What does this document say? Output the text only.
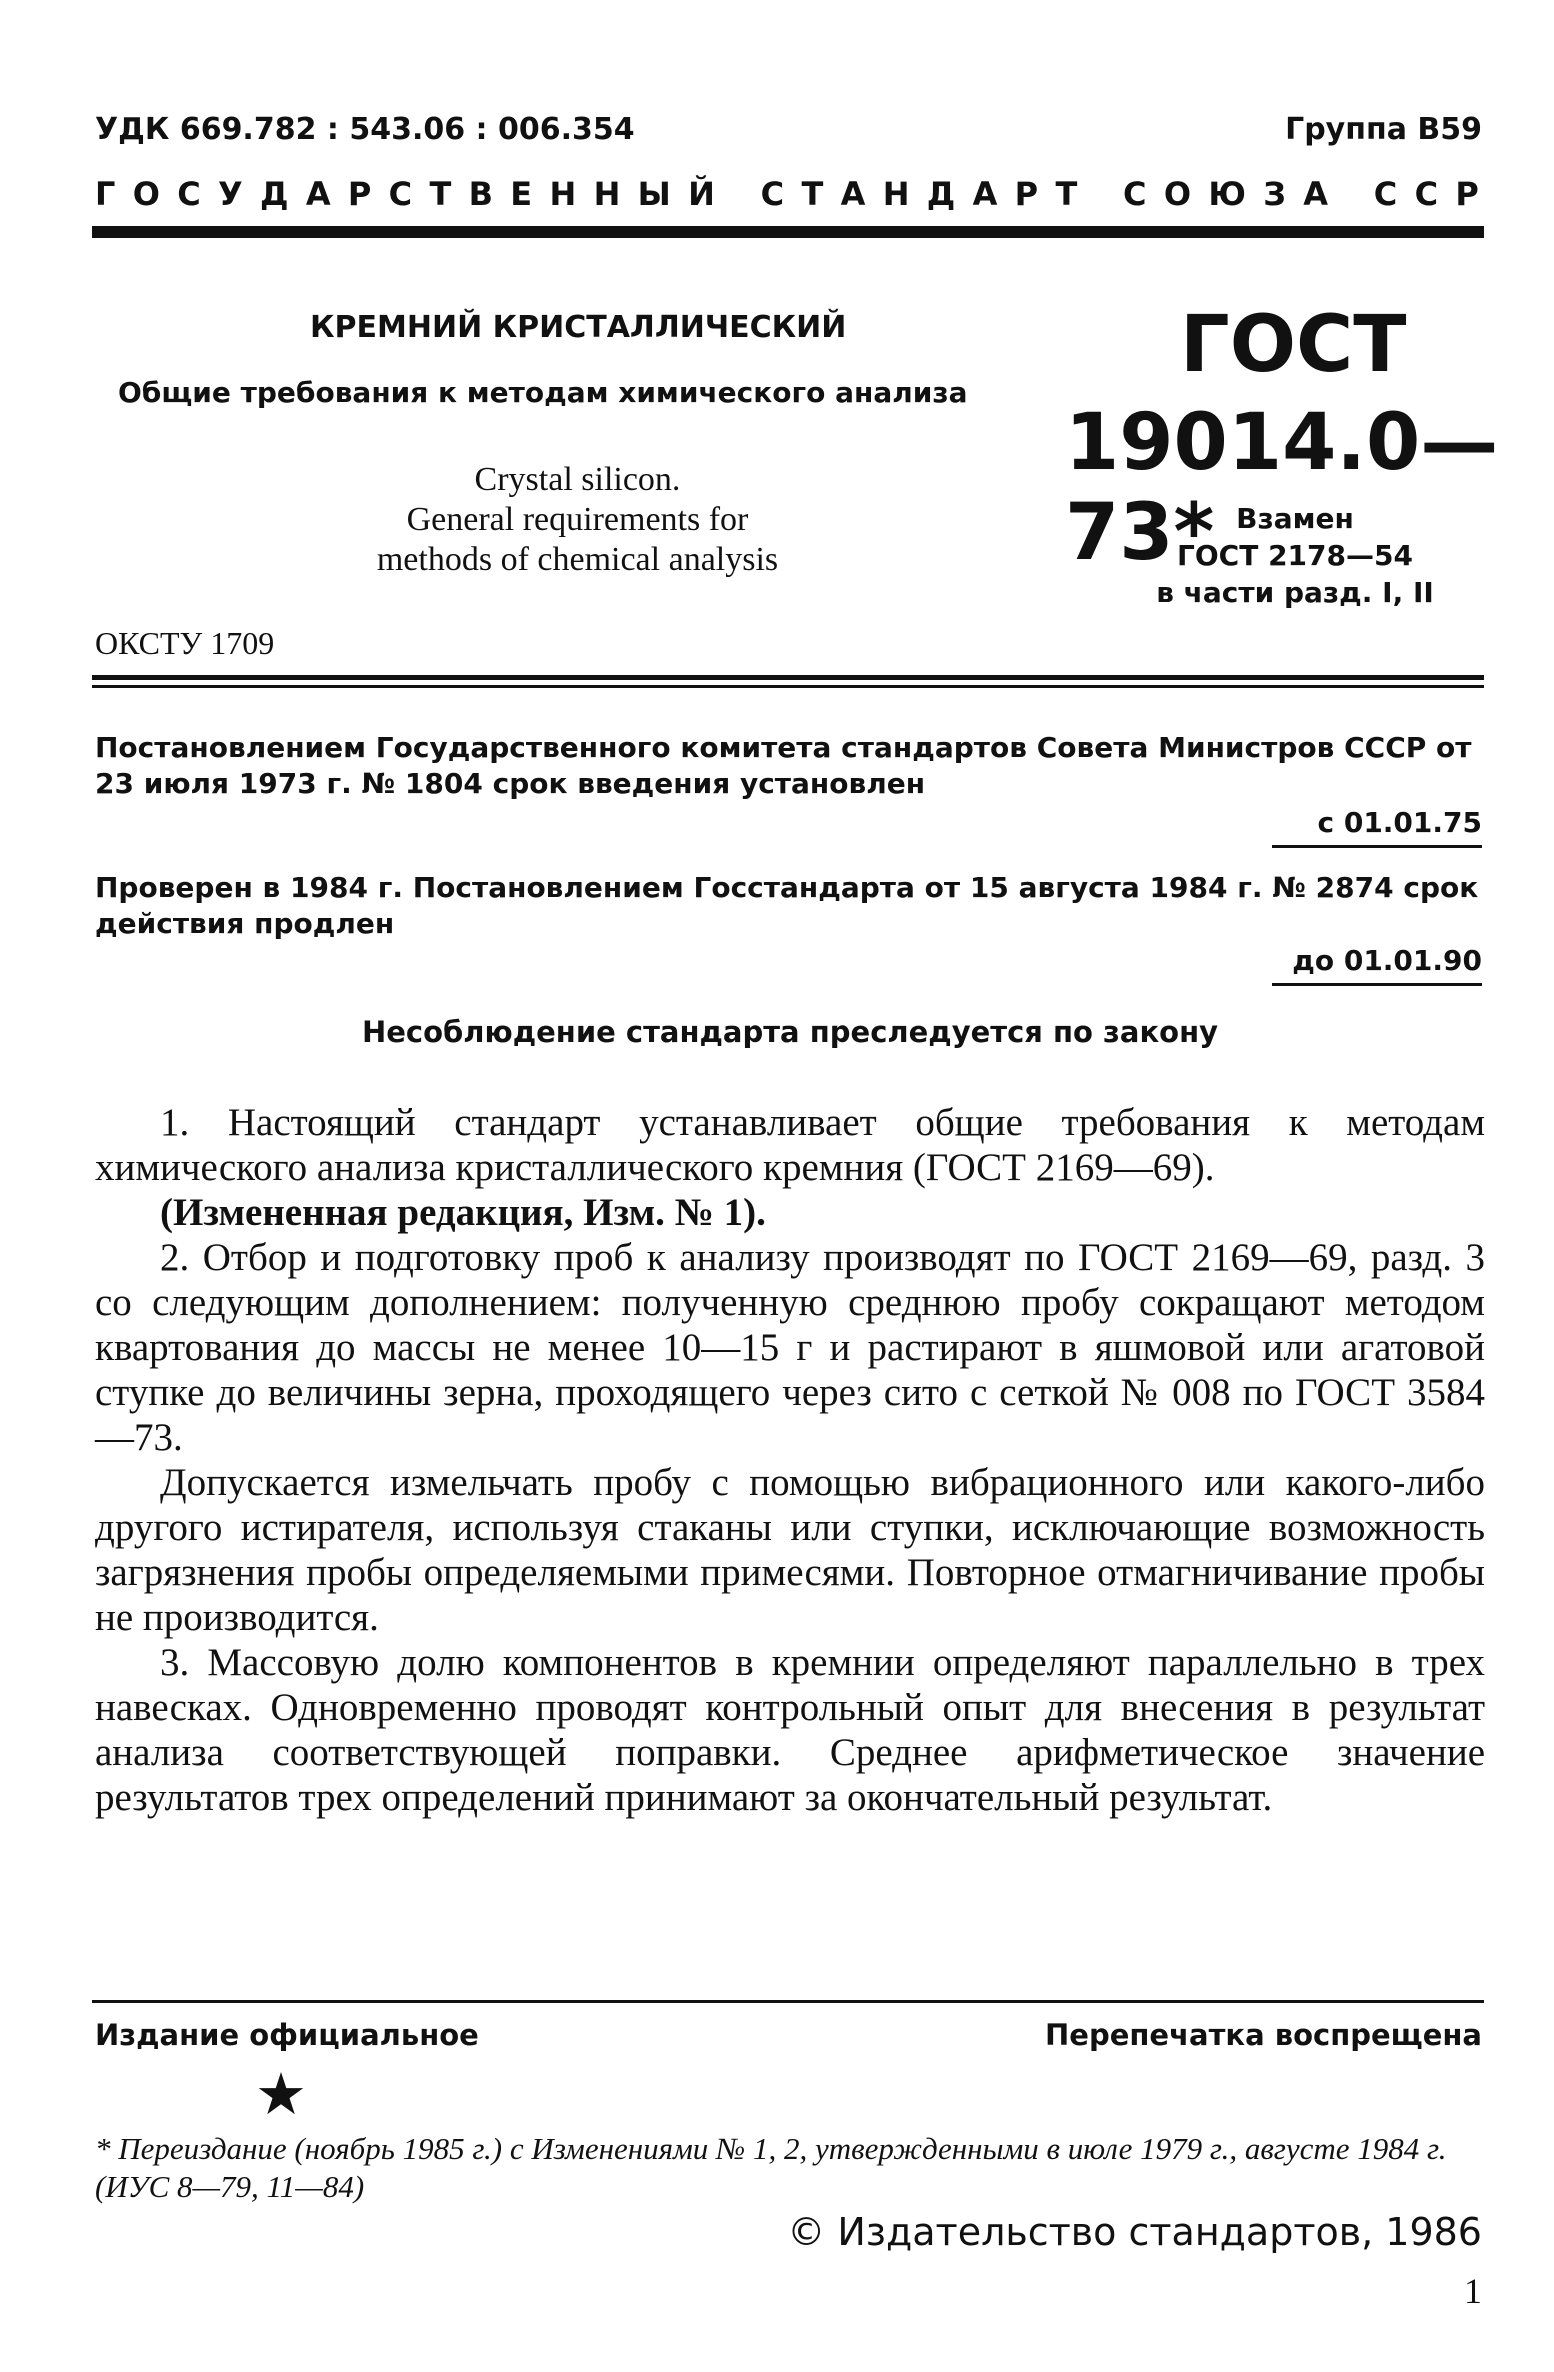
УДК 669.782 : 543.06 : 006.354	Группа В59
Г О С У Д А Р С Т В Е Н Н Ы Й
С Т А Н Д А Р Т
С О Ю З А
С С Р
КРЕМНИЙ КРИСТАЛЛИЧЕСКИЙ
Общие требования к методам химического анализа
Crystal silicon.
General requirements for
methods of chemical analysis
ОКСТУ 1709
ГОСТ
19014.0—73* Взамен
ГОСТ 2178—54
в части разд. I, II
Постановлением Государственного комитета стандартов Совета Министров СССР от 23 июля 1973 г. № 1804 срок введения установлен
с 01.01.75
Проверен в 1984 г. Постановлением Госстандарта от 15 августа 1984 г. № 2874 срок действия продлен
до 01.01.90
Несоблюдение стандарта преследуется по закону

1. Настоящий стандарт устанавливает общие требования к методам химического анализа кристаллического кремния (ГОСТ 2169—69).

(Измененная редакция, Изм. № 1).

2. Отбор и подготовку проб к анализу производят по ГОСТ 2169—69, разд. 3 со следующим дополнением: полученную среднюю пробу сокращают методом квартования до массы не менее 10—15 г и растирают в яшмовой или агатовой ступке до величины зерна, проходящего через сито с сеткой № 008 по ГОСТ 3584—73.

Допускается измельчать пробу с помощью вибрационного или какого-либо другого истирателя, используя стаканы или ступки, исключающие возможность загрязнения пробы определяемыми примесями. Повторное отмагничивание пробы не производится.

3. Массовую долю компонентов в кремнии определяют параллельно в трех навесках. Одновременно проводят контрольный опыт для внесения в результат анализа соответствующей поправки. Среднее арифметическое значение результатов трех определений принимают за окончательный результат.

Издание официальное	Перепечатка воспрещена
★
* Переиздание (ноябрь 1985 г.) с Изменениями № 1, 2, утвержденными в июле 1979 г., августе 1984 г. (ИУС 8—79, 11—84)
© Издательство стандартов, 1986
1
